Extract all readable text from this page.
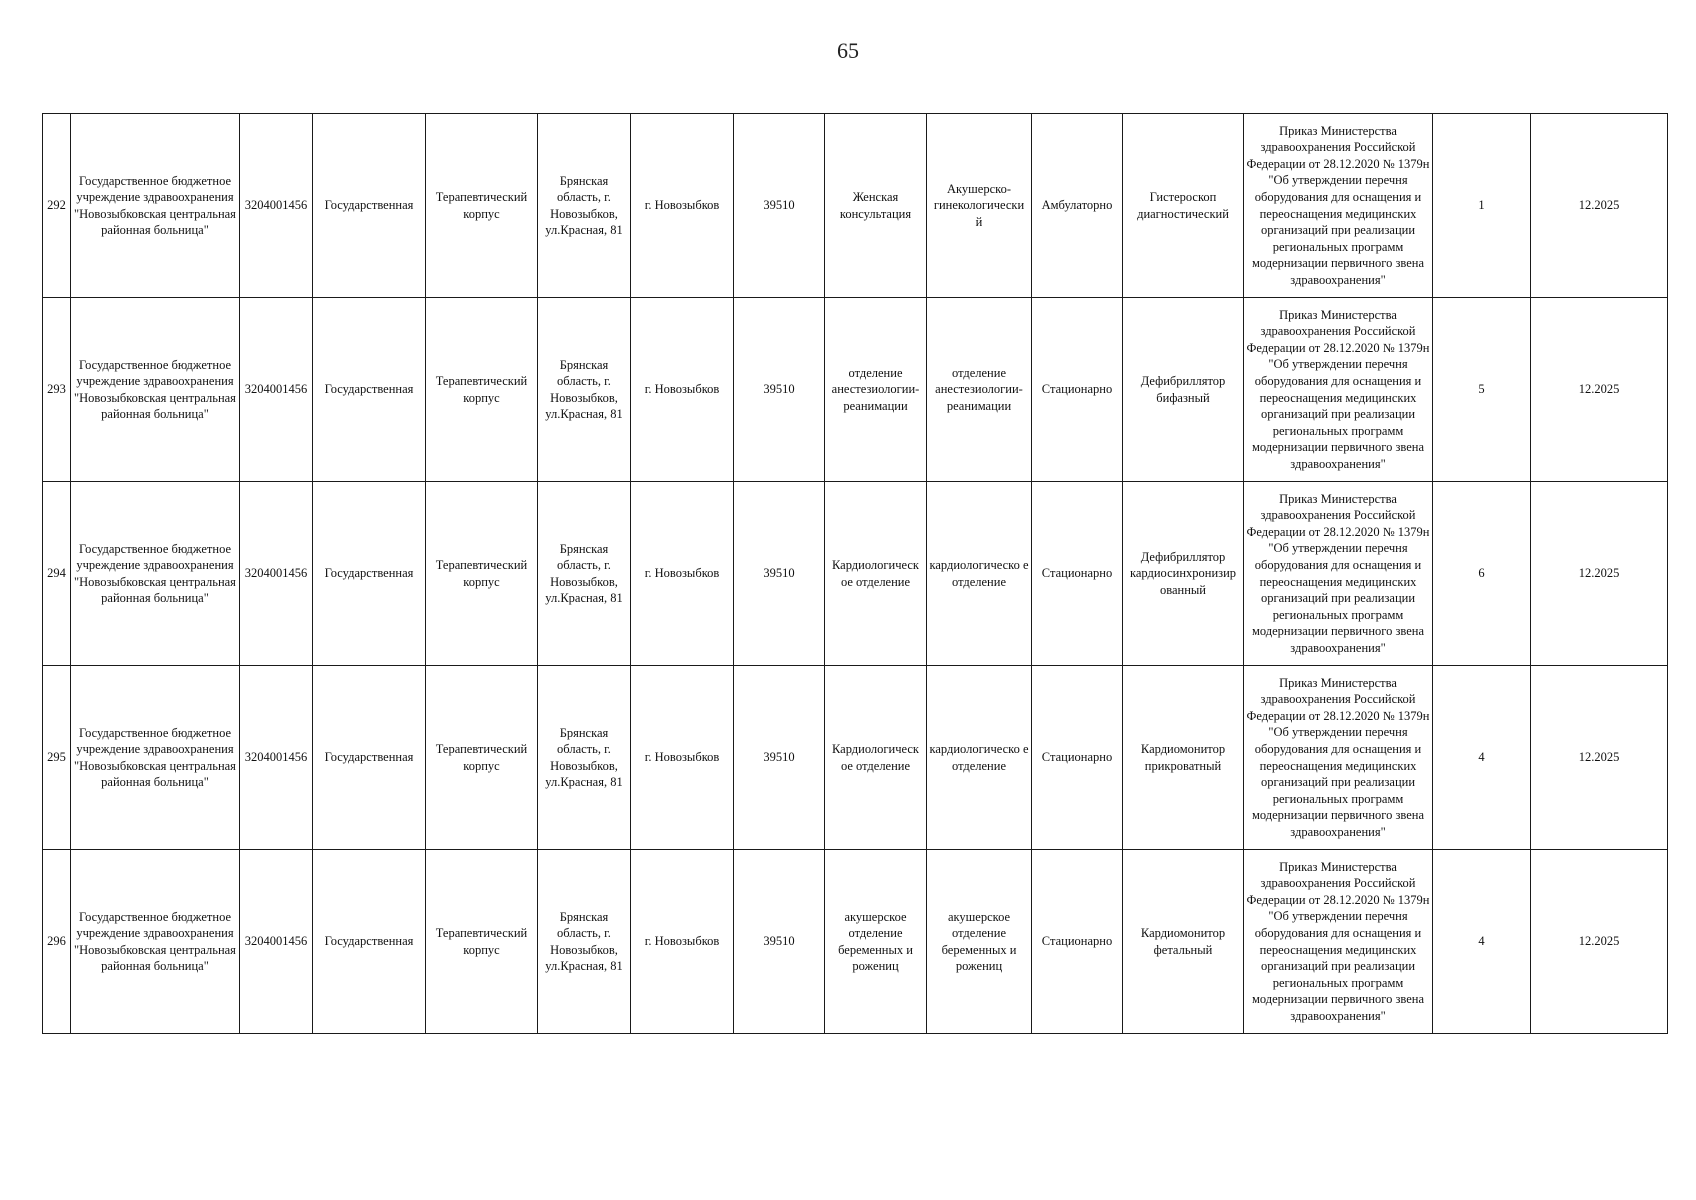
65
292	Государственное бюджетное учреждение здравоохранения "Новозыбковская центральная районная больница"	3204001456	Государственная	Терапевтический корпус	Брянская область, г. Новозыбков, ул.Красная, 81	г. Новозыбков	39510	Женская консультация	Акушерско-гинекологически й	Амбулаторно	Гистероскоп диагностический	Приказ Министерства здравоохранения Российской Федерации от 28.12.2020 № 1379н "Об утверждении перечня оборудования для оснащения и переоснащения медицинских организаций при реализации региональных программ модернизации первичного звена здравоохранения"	1	12.2025
293	Государственное бюджетное учреждение здравоохранения "Новозыбковская центральная районная больница"	3204001456	Государственная	Терапевтический корпус	Брянская область, г. Новозыбков, ул.Красная, 81	г. Новозыбков	39510	отделение анестезиологии-реанимации	отделение анестезиологии-реанимации	Стационарно	Дефибриллятор бифазный	Приказ Министерства здравоохранения Российской Федерации от 28.12.2020 № 1379н "Об утверждении перечня оборудования для оснащения и переоснащения медицинских организаций при реализации региональных программ модернизации первичного звена здравоохранения"	5	12.2025
294	Государственное бюджетное учреждение здравоохранения "Новозыбковская центральная районная больница"	3204001456	Государственная	Терапевтический корпус	Брянская область, г. Новозыбков, ул.Красная, 81	г. Новозыбков	39510	Кардиологическ ое отделение	кардиологическо е отделение	Стационарно	Дефибриллятор кардиосинхронизир ованный	Приказ Министерства здравоохранения Российской Федерации от 28.12.2020 № 1379н "Об утверждении перечня оборудования для оснащения и переоснащения медицинских организаций при реализации региональных программ модернизации первичного звена здравоохранения"	6	12.2025
295	Государственное бюджетное учреждение здравоохранения "Новозыбковская центральная районная больница"	3204001456	Государственная	Терапевтический корпус	Брянская область, г. Новозыбков, ул.Красная, 81	г. Новозыбков	39510	Кардиологическ ое отделение	кардиологическо е отделение	Стационарно	Кардиомонитор прикроватный	Приказ Министерства здравоохранения Российской Федерации от 28.12.2020 № 1379н "Об утверждении перечня оборудования для оснащения и переоснащения медицинских организаций при реализации региональных программ модернизации первичного звена здравоохранения"	4	12.2025
296	Государственное бюджетное учреждение здравоохранения "Новозыбковская центральная районная больница"	3204001456	Государственная	Терапевтический корпус	Брянская область, г. Новозыбков, ул.Красная, 81	г. Новозыбков	39510	акушерское отделение беременных и рожениц	акушерское отделение беременных и рожениц	Стационарно	Кардиомонитор фетальный	Приказ Министерства здравоохранения Российской Федерации от 28.12.2020 № 1379н "Об утверждении перечня оборудования для оснащения и переоснащения медицинских организаций при реализации региональных программ модернизации первичного звена здравоохранения"	4	12.2025
